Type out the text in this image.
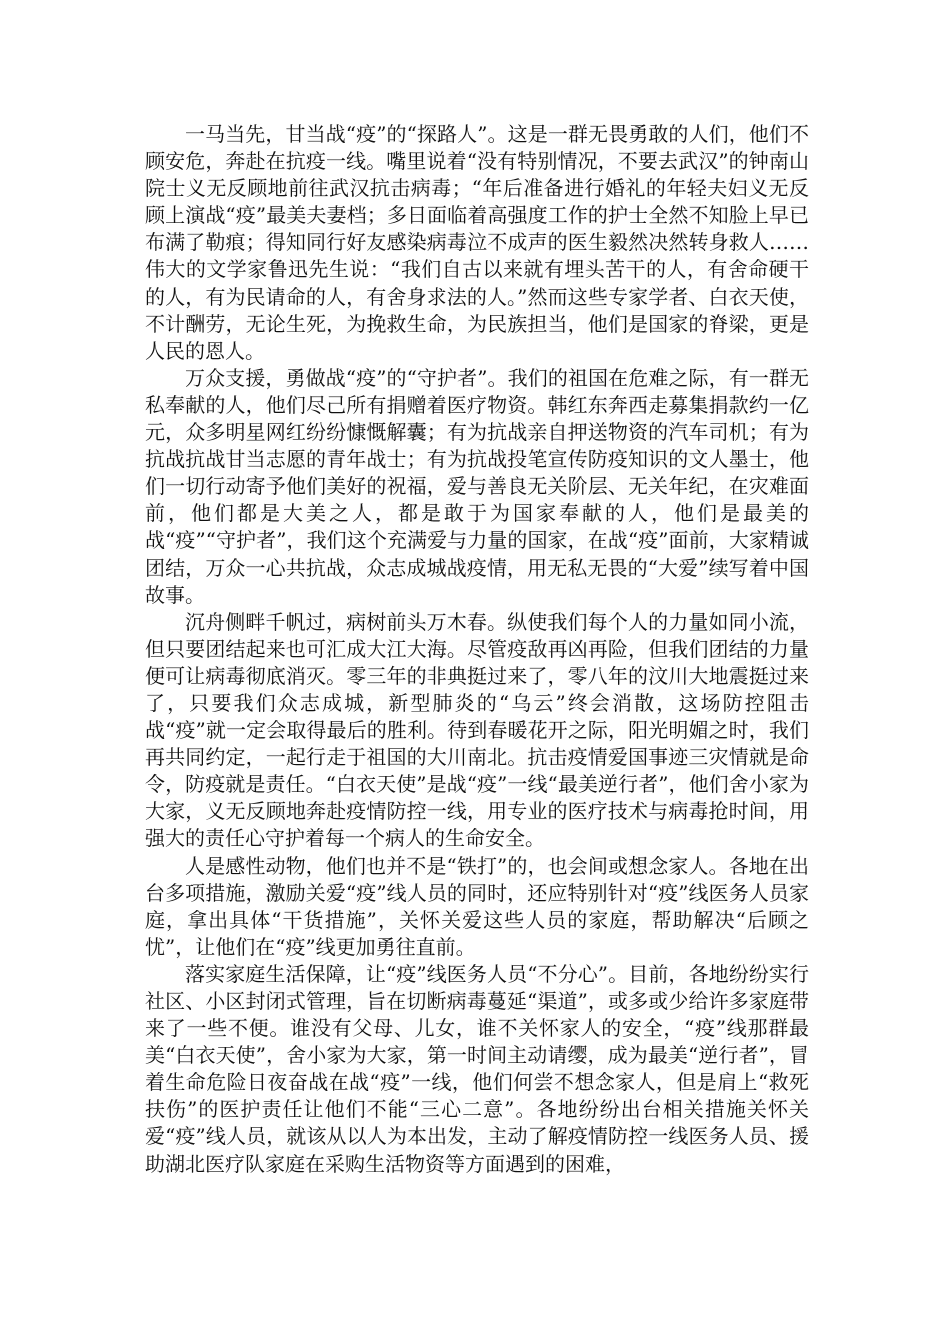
一马当先，甘当战“疫”的“探路人”。这是一群无畏勇敢的人们，他们不顾安危，奔赴在抗疫一线。嘴里说着“没有特别情况，不要去武汉”的钟南山院士义无反顾地前往武汉抗击病毒；“年后准备进行婚礼的年轻夫妇义无反顾上演战“疫”最美夫妻档；多日面临着高强度工作的护士全然不知脸上早已布满了勒痕；得知同行好友感染病毒泣不成声的医生毅然决然转身救人……伟大的文学家鲁迅先生说：“我们自古以来就有埋头苦干的人，有舍命硬干的人，有为民请命的人，有舍身求法的人。”然而这些专家学者、白衣天使，不计酬劳，无论生死，为挽救生命，为民族担当，他们是国家的脊梁，更是人民的恩人。

万众支援，勇做战“疫”的“守护者”。我们的祖国在危难之际，有一群无私奉献的人，他们尽己所有捐赠着医疗物资。韩红东奔西走募集捐款约一亿元，众多明星网红纷纷慷慨解囊；有为抗战亲自押送物资的汽车司机；有为抗战抗战甘当志愿的青年战士；有为抗战投笔宣传防疫知识的文人墨士，他们一切行动寄予他们美好的祝福，爱与善良无关阶层、无关年纪，在灾难面前，他们都是大美之人，都是敢于为国家奉献的人，他们是最美的战“疫”“守护者”，我们这个充满爱与力量的国家，在战“疫”面前，大家精诚团结，万众一心共抗战，众志成城战疫情，用无私无畏的“大爱”续写着中国故事。

沉舟侧畔千帆过，病树前头万木春。纵使我们每个人的力量如同小流，但只要团结起来也可汇成大江大海。尽管疫敌再凶再险，但我们团结的力量便可让病毒彻底消灭。零三年的非典挺过来了，零八年的汶川大地震挺过来了，只要我们众志成城，新型肺炎的“乌云”终会消散，这场防控阻击战“疫”就一定会取得最后的胜利。待到春暖花开之际，阳光明媚之时，我们再共同约定，一起行走于祖国的大川南北。抗击疫情爱国事迹三灾情就是命令，防疫就是责任。“白衣天使”是战“疫”一线“最美逆行者”，他们舍小家为大家，义无反顾地奔赴疫情防控一线，用专业的医疗技术与病毒抢时间，用强大的责任心守护着每一个病人的生命安全。

人是感性动物，他们也并不是“铁打”的，也会间或想念家人。各地在出台多项措施，激励关爱“疫”线人员的同时，还应特别针对“疫”线医务人员家庭，拿出具体“干货措施”，关怀关爱这些人员的家庭，帮助解决“后顾之忧”，让他们在“疫”线更加勇往直前。

落实家庭生活保障，让“疫”线医务人员“不分心”。目前，各地纷纷实行社区、小区封闭式管理，旨在切断病毒蔓延“渠道”，或多或少给许多家庭带来了一些不便。谁没有父母、儿女，谁不关怀家人的安全，“疫”线那群最美“白衣天使”，舍小家为大家，第一时间主动请缨，成为最美“逆行者”，冒着生命危险日夜奋战在战“疫”一线，他们何尝不想念家人，但是肩上“救死扶伤”的医护责任让他们不能“三心二意”。各地纷纷出台相关措施关怀关爱“疫”线人员，就该从以人为本出发，主动了解疫情防控一线医务人员、援助湖北医疗队家庭在采购生活物资等方面遇到的困难，
